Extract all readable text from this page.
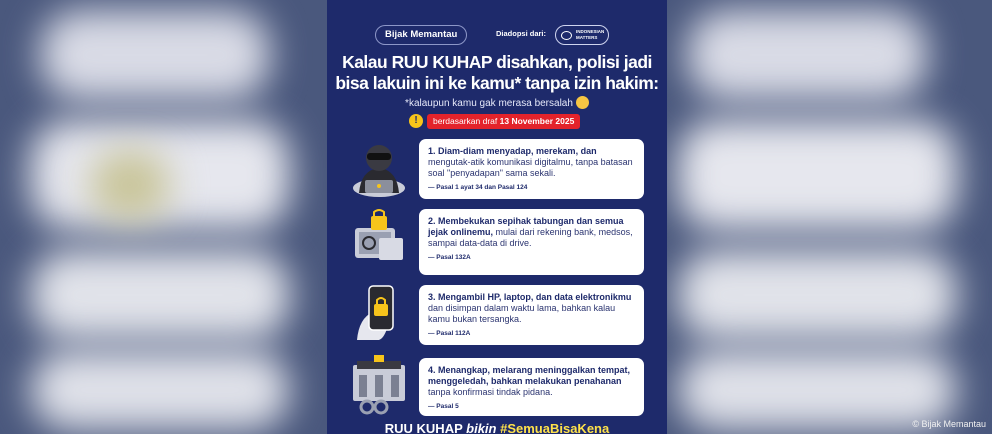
Bijak Memantau	Diadopsi dari:	INDONESIAN MATTERS
Kalau RUU KUHAP disahkan, polisi jadi
bisa lakuin ini ke kamu* tanpa izin hakim:
*kalaupun kamu gak merasa bersalah
!	berdasarkan draf 13 November 2025
1. Diam-diam menyadap, merekam, dan mengutak-atik komunikasi digitalmu, tanpa batasan soal "penyadapan" sama sekali.
— Pasal 1 ayat 34 dan Pasal 124
2. Membekukan sepihak tabungan dan semua jejak onlinemu, mulai dari rekening bank, medsos, sampai data-data di drive.
— Pasal 132A
3. Mengambil HP, laptop, dan data elektronikmu dan disimpan dalam waktu lama, bahkan kalau kamu bukan tersangka.
— Pasal 112A
4. Menangkap, melarang meninggalkan tempat, menggeledah, bahkan melakukan penahanan tanpa konfirmasi tindak pidana.
— Pasal 5
RUU KUHAP bikin #SemuaBisaKena	© Bijak Memantau
